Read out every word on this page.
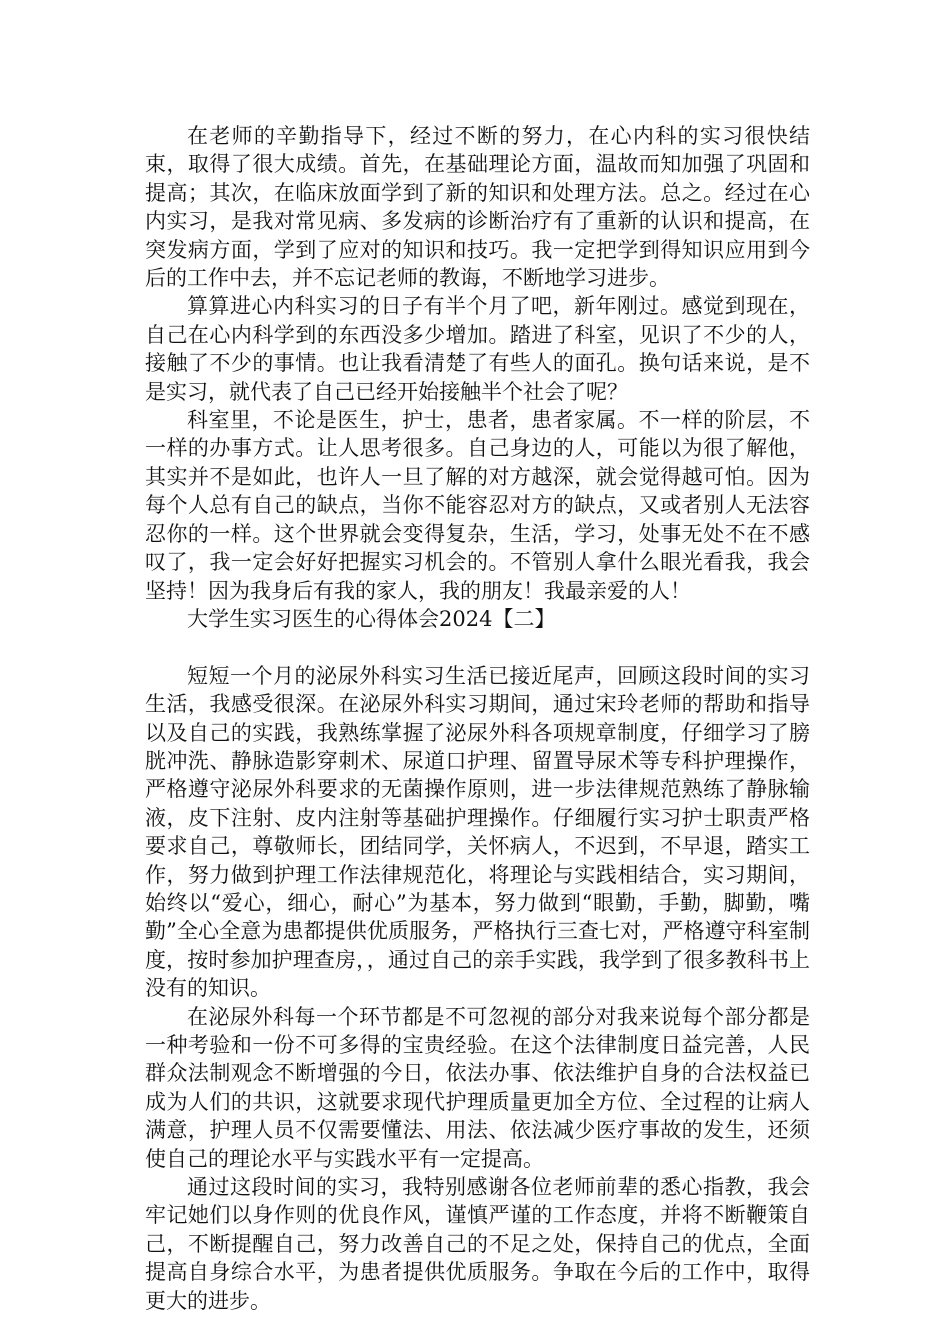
在老师的辛勤指导下，经过不断的努力，在心内科的实习很快结束，取得了很大成绩。首先，在基础理论方面，温故而知加强了巩固和提高；其次，在临床放面学到了新的知识和处理方法。总之。经过在心内实习，是我对常见病、多发病的诊断治疗有了重新的认识和提高，在突发病方面，学到了应对的知识和技巧。我一定把学到得知识应用到今后的工作中去，并不忘记老师的教诲，不断地学习进步。

算算进心内科实习的日子有半个月了吧，新年刚过。感觉到现在，自己在心内科学到的东西没多少增加。踏进了科室，见识了不少的人，接触了不少的事情。也让我看清楚了有些人的面孔。换句话来说，是不是实习，就代表了自己已经开始接触半个社会了呢？

科室里，不论是医生，护士，患者，患者家属。不一样的阶层，不一样的办事方式。让人思考很多。自己身边的人，可能以为很了解他，其实并不是如此，也许人一旦了解的对方越深，就会觉得越可怕。因为每个人总有自己的缺点，当你不能容忍对方的缺点，又或者别人无法容忍你的一样。这个世界就会变得复杂，生活，学习，处事无处不在不感叹了，我一定会好好把握实习机会的。不管别人拿什么眼光看我，我会坚持！因为我身后有我的家人，我的朋友！我最亲爱的人！

大学生实习医生的心得体会2024【二】

短短一个月的泌尿外科实习生活已接近尾声，回顾这段时间的实习生活，我感受很深。在泌尿外科实习期间，通过宋玲老师的帮助和指导以及自己的实践，我熟练掌握了泌尿外科各项规章制度，仔细学习了膀胱冲洗、静脉造影穿刺术、尿道口护理、留置导尿术等专科护理操作，严格遵守泌尿外科要求的无菌操作原则，进一步法律规范熟练了静脉输液，皮下注射、皮内注射等基础护理操作。仔细履行实习护士职责严格要求自己，尊敬师长，团结同学，关怀病人，不迟到，不早退，踏实工作，努力做到护理工作法律规范化，将理论与实践相结合，实习期间，始终以“爱心，细心，耐心”为基本，努力做到“眼勤，手勤，脚勤，嘴勤”全心全意为患都提供优质服务，严格执行三查七对，严格遵守科室制度，按时参加护理查房，，通过自己的亲手实践，我学到了很多教科书上没有的知识。

在泌尿外科每一个环节都是不可忽视的部分对我来说每个部分都是一种考验和一份不可多得的宝贵经验。在这个法律制度日益完善，人民群众法制观念不断增强的今日，依法办事、依法维护自身的合法权益已成为人们的共识，这就要求现代护理质量更加全方位、全过程的让病人满意，护理人员不仅需要懂法、用法、依法减少医疗事故的发生，还须使自己的理论水平与实践水平有一定提高。

通过这段时间的实习，我特别感谢各位老师前辈的悉心指教，我会牢记她们以身作则的优良作风，谨慎严谨的工作态度，并将不断鞭策自己，不断提醒自己，努力改善自己的不足之处，保持自己的优点，全面提高自身综合水平，为患者提供优质服务。争取在今后的工作中，取得更大的进步。
